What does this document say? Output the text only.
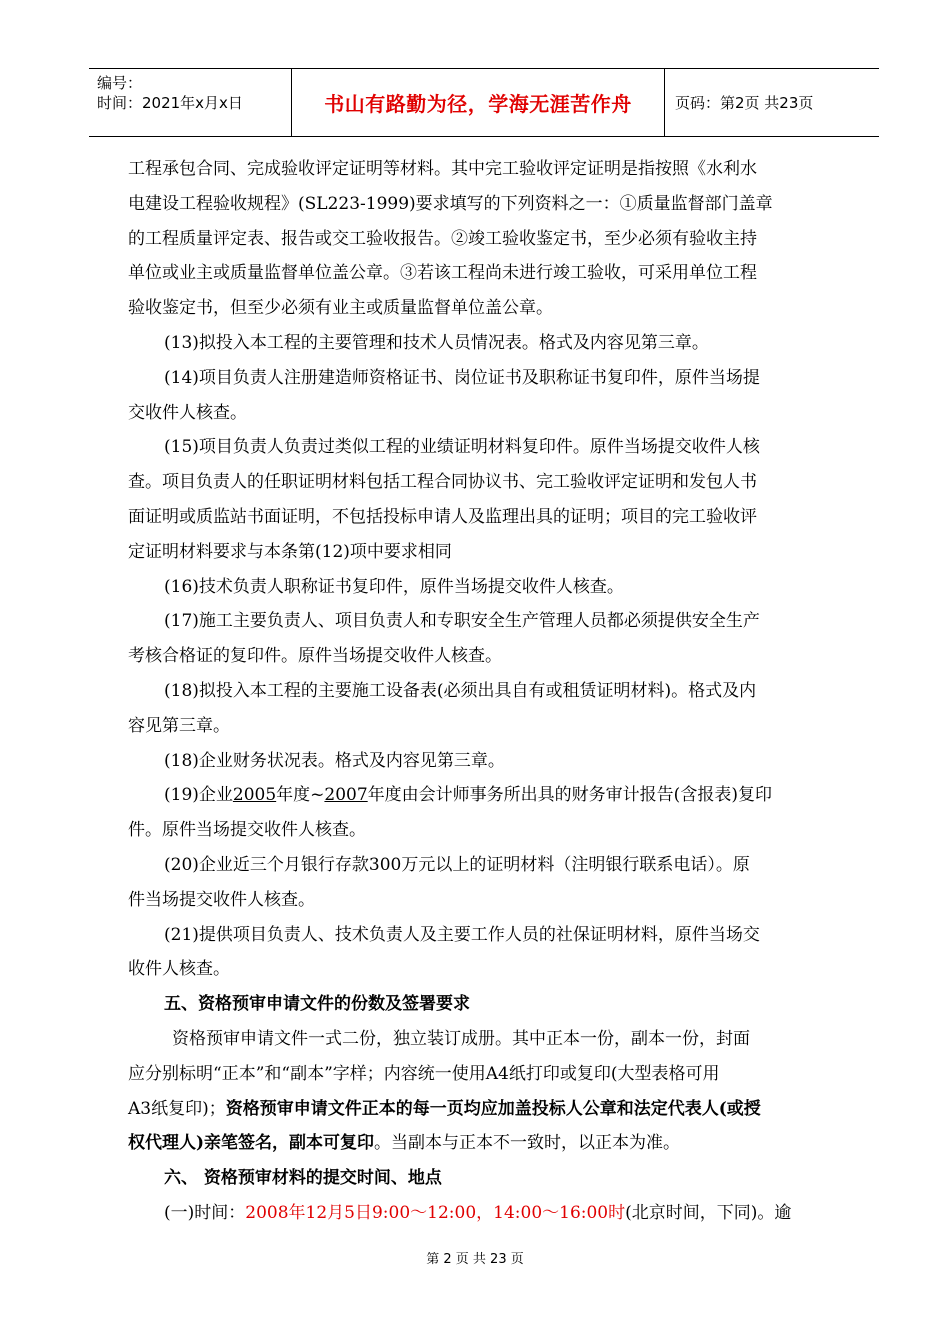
编号：
时间：2021年x月x日	书山有路勤为径，学海无涯苦作舟	页码：第2页 共23页
工程承包合同、完成验收评定证明等材料。其中完工验收评定证明是指按照《水利水
电建设工程验收规程》(SL223-1999)要求填写的下列资料之一：①质量监督部门盖章
的工程质量评定表、报告或交工验收报告。②竣工验收鉴定书，至少必须有验收主持
单位或业主或质量监督单位盖公章。③若该工程尚未进行竣工验收，可采用单位工程
验收鉴定书，但至少必须有业主或质量监督单位盖公章。
(13)拟投入本工程的主要管理和技术人员情况表。格式及内容见第三章。
(14)项目负责人注册建造师资格证书、岗位证书及职称证书复印件，原件当场提
交收件人核查。
(15)项目负责人负责过类似工程的业绩证明材料复印件。原件当场提交收件人核
查。项目负责人的任职证明材料包括工程合同协议书、完工验收评定证明和发包人书
面证明或质监站书面证明，不包括投标申请人及监理出具的证明；项目的完工验收评
定证明材料要求与本条第(12)项中要求相同
(16)技术负责人职称证书复印件，原件当场提交收件人核查。
(17)施工主要负责人、项目负责人和专职安全生产管理人员都必须提供安全生产
考核合格证的复印件。原件当场提交收件人核查。
(18)拟投入本工程的主要施工设备表(必须出具自有或租赁证明材料)。格式及内
容见第三章。
(18)企业财务状况表。格式及内容见第三章。
(19)企业2005年度~2007年度由会计师事务所出具的财务审计报告(含报表)复印
件。原件当场提交收件人核查。
(20)企业近三个月银行存款300万元以上的证明材料（注明银行联系电话）。原
件当场提交收件人核查。
(21)提供项目负责人、技术负责人及主要工作人员的社保证明材料，原件当场交
收件人核查。
五、资格预审申请文件的份数及签署要求
资格预审申请文件一式二份，独立装订成册。其中正本一份，副本一份，封面
应分别标明“正本”和“副本”字样；内容统一使用A4纸打印或复印(大型表格可用
A3纸复印)；资格预审申请文件正本的每一页均应加盖投标人公章和法定代表人(或授
权代理人)亲笔签名，副本可复印。当副本与正本不一致时，以正本为准。
六、 资格预审材料的提交时间、地点
(一)时间：2008年12月5日9:00～12:00，14:00～16:00时(北京时间，下同)。逾
第 2 页 共 23 页
